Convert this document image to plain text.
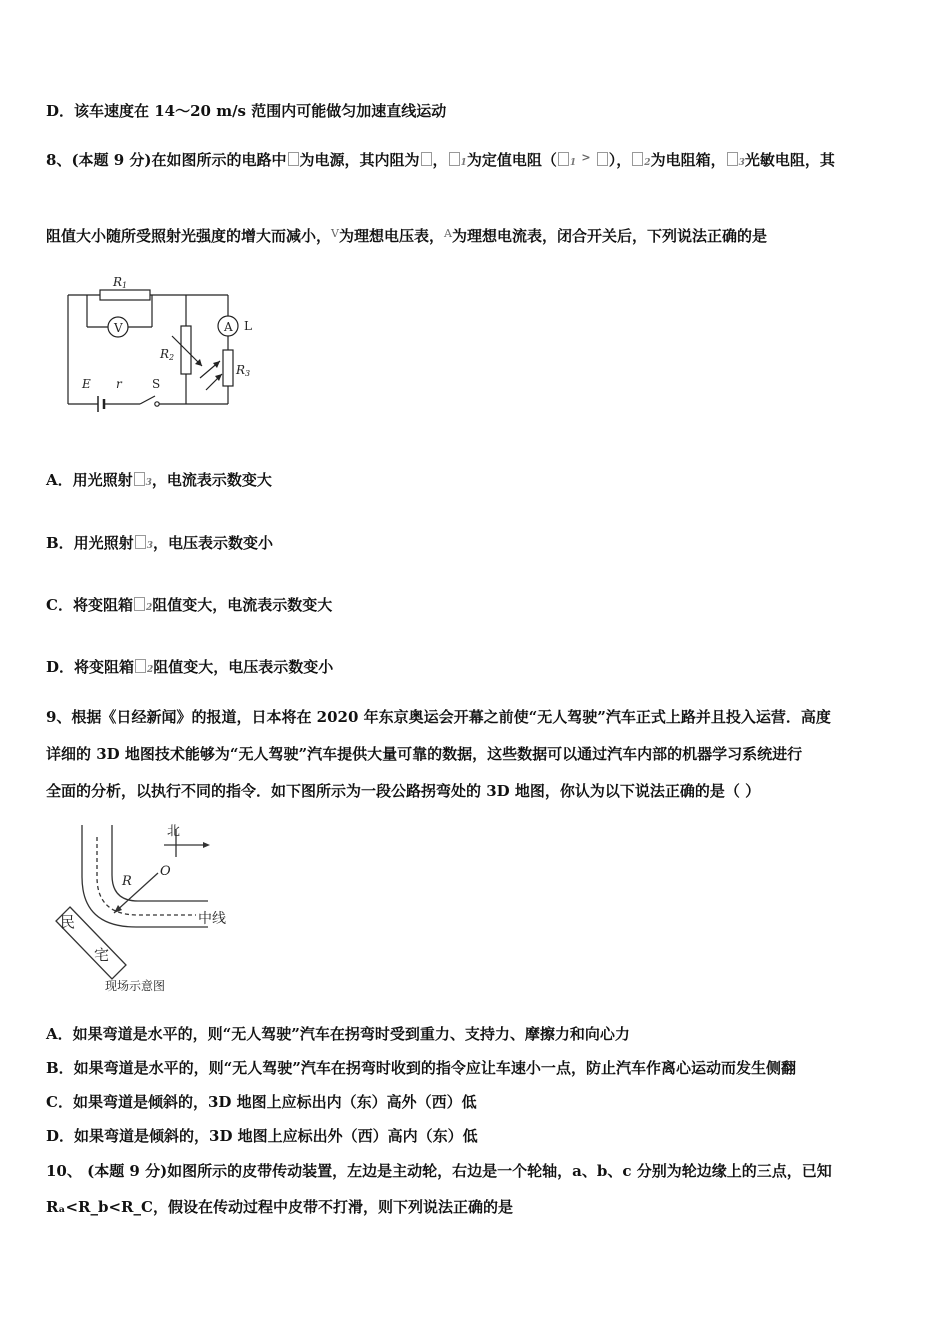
D．该车速度在 14～20 m/s 范围内可能做匀加速直线运动
8、(本题 9 分)在如图所示的电路中 为电源，其内阻为 ， 1为定值电阻（ 1 > ）， 2为电阻箱， 3光敏电阻，其
阻值大小随所受照射光强度的增大而减小，$^V$为理想电压表，$^A$为理想电流表，闭合开关后，下列说法正确的是
R1
R2
R3
E r
V	A L
S
A．用光照射 3，电流表示数变大
B．用光照射 3，电压表示数变小
C．将变阻箱 2阻值变大，电流表示数变大
D．将变阻箱 2阻值变大，电压表示数变小
9、根据《日经新闻》的报道，日本将在 2020 年东京奥运会开幕之前使“无人驾驶”汽车正式上路并且投入运营．高度
详细的 3D 地图技术能够为“无人驾驶”汽车提供大量可靠的数据，这些数据可以通过汽车内部的机器学习系统进行
全面的分析，以执行不同的指令．如下图所示为一段公路拐弯处的 3D 地图，你认为以下说法正确的是（ ）
北
O
R
中线
民
宅
现场示意图
A．如果弯道是水平的，则“无人驾驶”汽车在拐弯时受到重力、支持力、摩擦力和向心力
B．如果弯道是水平的，则“无人驾驶”汽车在拐弯时收到的指令应让车速小一点，防止汽车作离心运动而发生侧翻
C．如果弯道是倾斜的，3D 地图上应标出内（东）高外（西）低
D．如果弯道是倾斜的，3D 地图上应标出外（西）高内（东）低
10、 (本题 9 分)如图所示的皮带传动装置，左边是主动轮，右边是一个轮轴，a、b、c 分别为轮边缘上的三点，已知
Rₐ<R_b<R_C，假设在传动过程中皮带不打滑，则下列说法正确的是
